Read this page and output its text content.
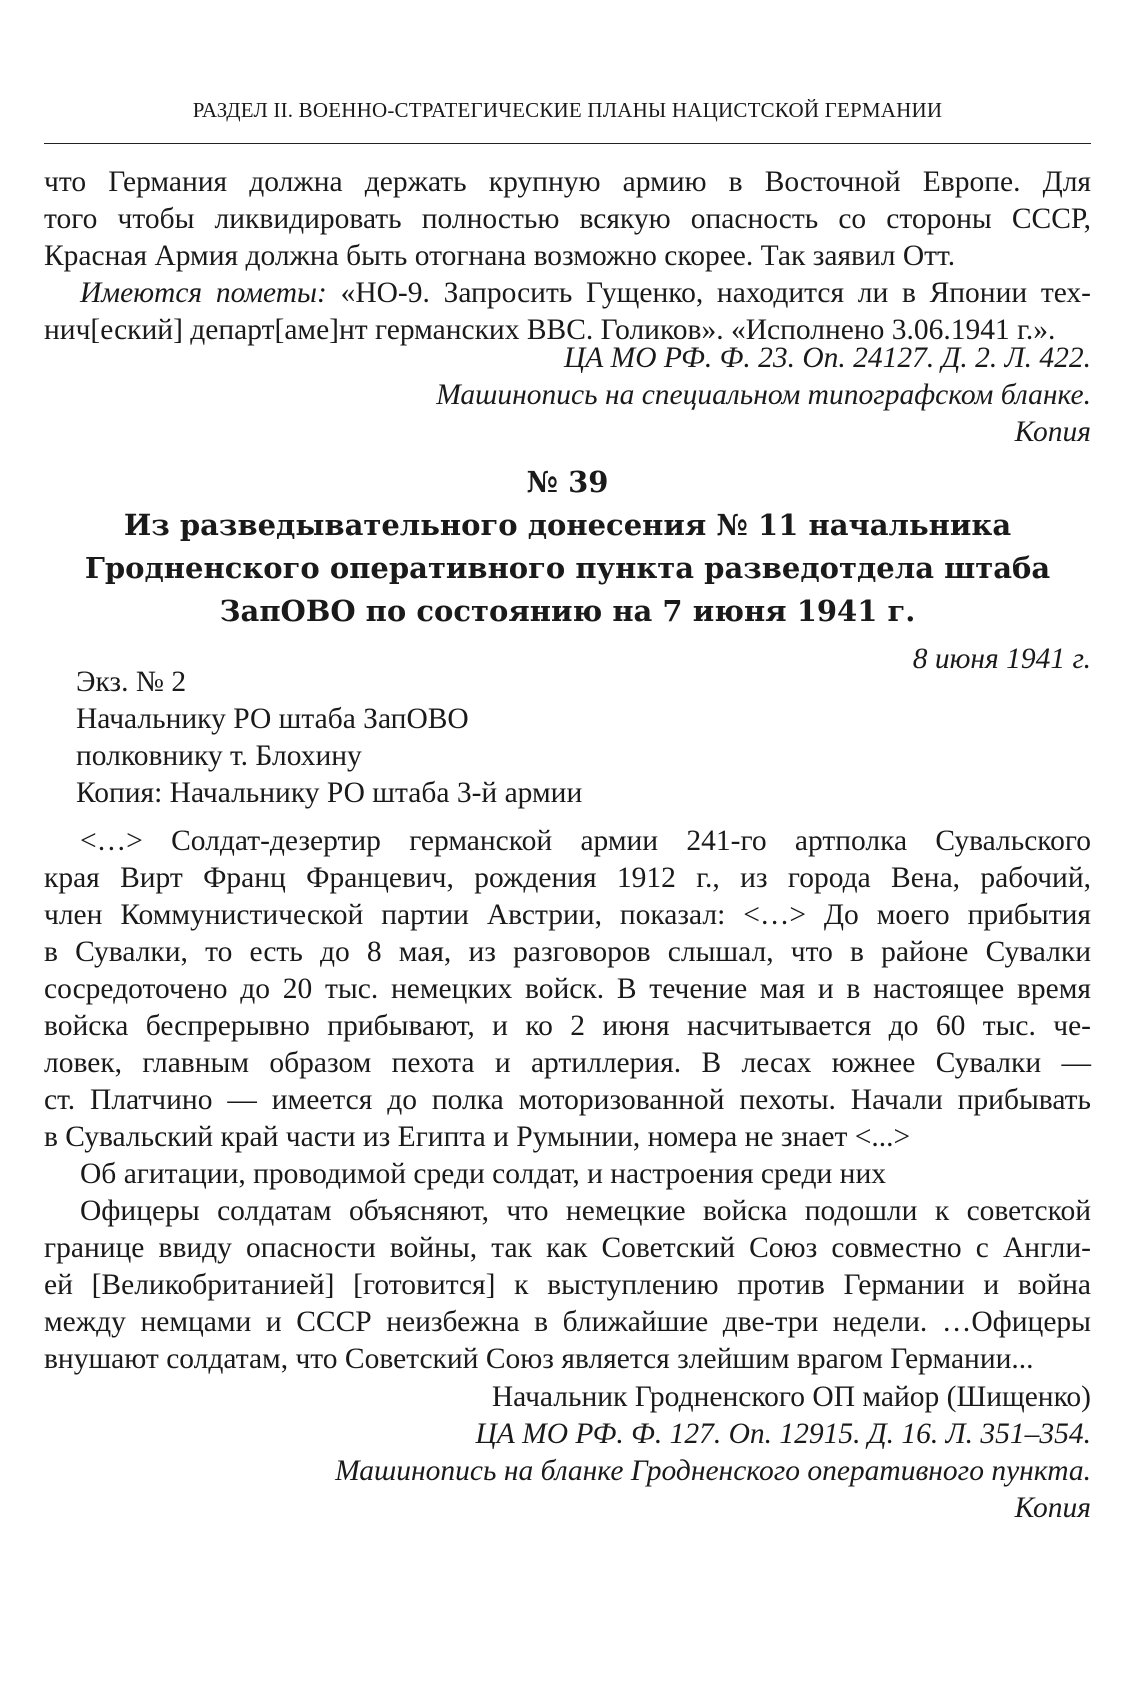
РАЗДЕЛ II. ВОЕННО-СТРАТЕГИЧЕСКИЕ ПЛАНЫ НАЦИСТСКОЙ ГЕРМАНИИ
что Германия должна держать крупную армию в Восточной Европе. Для
того чтобы ликвидировать полностью всякую опасность со стороны СССР,
Красная Армия должна быть отогнана возможно скорее. Так заявил Отт.
Имеются пометы: «НО-9. Запросить Гущенко, находится ли в Японии тех-
нич[еский] департ[аме]нт германских ВВС. Голиков». «Исполнено 3.06.1941 г.».
ЦА МО РФ. Ф. 23. Оп. 24127. Д. 2. Л. 422.
Машинопись на специальном типографском бланке.
Копия
№ 39
Из разведывательного донесения № 11 начальника
Гродненского оперативного пункта разведотдела штаба
ЗапОВО по состоянию на 7 июня 1941 г.
8 июня 1941 г.
Экз. № 2
Начальнику РО штаба ЗапОВО
полковнику т. Блохину
Копия: Начальнику РО штаба 3-й армии
<…> Солдат-дезертир германской армии 241-го артполка Сувальского
края Вирт Франц Францевич, рождения 1912 г., из города Вена, рабочий,
член Коммунистической партии Австрии, показал: <…> До моего прибытия
в Сувалки, то есть до 8 мая, из разговоров слышал, что в районе Сувалки
сосредоточено до 20 тыс. немецких войск. В течение мая и в настоящее время
войска беспрерывно прибывают, и ко 2 июня насчитывается до 60 тыс. че-
ловек, главным образом пехота и артиллерия. В лесах южнее Сувалки —
ст. Платчино — имеется до полка моторизованной пехоты. Начали прибывать
в Сувальский край части из Египта и Румынии, номера не знает <...>
Об агитации, проводимой среди солдат, и настроения среди них
Офицеры солдатам объясняют, что немецкие войска подошли к советской
границе ввиду опасности войны, так как Советский Союз совместно с Англи-
ей [Великобританией] [готовится] к выступлению против Германии и война
между немцами и СССР неизбежна в ближайшие две-три недели. …Офицеры
внушают солдатам, что Советский Союз является злейшим врагом Германии...
Начальник Гродненского ОП майор (Шищенко)
ЦА МО РФ. Ф. 127. Оп. 12915. Д. 16. Л. 351–354.
Машинопись на бланке Гродненского оперативного пункта.
Копия
